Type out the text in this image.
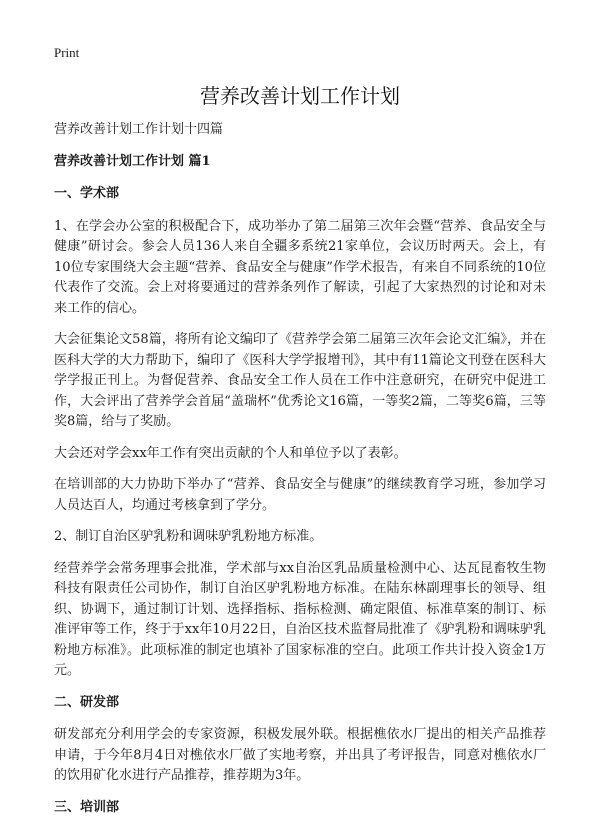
Print
营养改善计划工作计划

营养改善计划工作计划十四篇

营养改善计划工作计划 篇1

一、学术部

1、在学会办公室的积极配合下，成功举办了第二届第三次年会暨“营养、食品安全与健康”研讨会。参会人员136人来自全疆多系统21家单位，会议历时两天。会上，有10位专家围绕大会主题“营养、食品安全与健康”作学术报告，有来自不同系统的10位代表作了交流。会上对将要通过的营养条列作了解读，引起了大家热烈的讨论和对未来工作的信心。

大会征集论文58篇，将所有论文编印了《营养学会第二届第三次年会论文汇编》，并在医科大学的大力帮助下，编印了《医科大学学报增刊》，其中有11篇论文刊登在医科大学学报正刊上。为督促营养、食品安全工作人员在工作中注意研究，在研究中促进工作，大会评出了营养学会首届“盖瑞杯”优秀论文16篇，一等奖2篇，二等奖6篇，三等奖8篇，给与了奖励。

大会还对学会xx年工作有突出贡献的个人和单位予以了表彰。

在培训部的大力协助下举办了“营养、食品安全与健康”的继续教育学习班，参加学习人员达百人，均通过考核拿到了学分。

2、制订自治区驴乳粉和调味驴乳粉地方标准。

经营养学会常务理事会批准，学术部与xx自治区乳品质量检测中心、达瓦昆畜牧生物科技有限责任公司协作，制订自治区驴乳粉地方标准。在陆东林副理事长的领导、组织、协调下，通过制订计划、选择指标、指标检测、确定限值、标准草案的制订、标准评审等工作，终于于xx年10月22日，自治区技术监督局批准了《驴乳粉和调味驴乳粉地方标准》。此项标准的制定也填补了国家标准的空白。此项工作共计投入资金1万元。

二、研发部

研发部充分利用学会的专家资源，积极发展外联。根据樵依水厂提出的相关产品推荐申请，于今年8月4日对樵依水厂做了实地考察，并出具了考评报告，同意对樵依水厂的饮用矿化水进行产品推荐，推荐期为3年。

三、培训部
